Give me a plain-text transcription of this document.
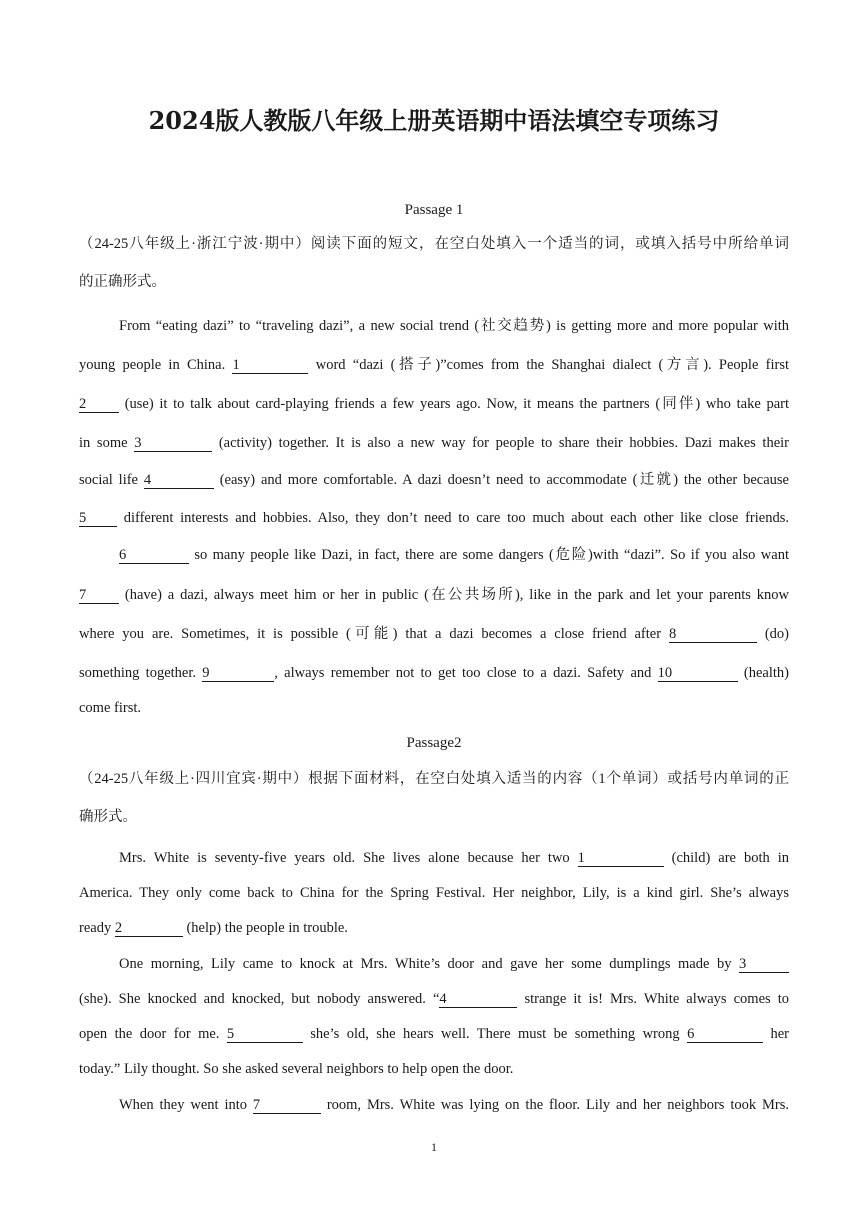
2024版人教版八年级上册英语期中语法填空专项练习
Passage 1
（24-25八年级上·浙江宁波·期中）阅读下面的短文，在空白处填入一个适当的词，或填入括号中所给单词
的正确形式。
From “eating dazi” to “traveling dazi”, a new social trend (社交趋势) is getting more and more popular with
young people in China. 1	word “dazi (搭子)”comes from the Shanghai dialect (方言). People first
2 (use) it to talk about card-playing friends a few years ago. Now, it means the partners (同伴) who take part
in some 3	(activity) together. It is also a new way for people to share their hobbies. Dazi makes their
social life 4	(easy) and more comfortable. A dazi doesn’t need to accommodate (迁就) the other because
5 different interests and hobbies. Also, they don’t need to care too much about each other like close friends.
6	so many people like Dazi, in fact, there are some dangers (危险)with “dazi”. So if you also want
7 (have) a dazi, always meet him or her in public (在公共场所), like in the park and let your parents know
where you are. Sometimes, it is possible (可能) that a dazi becomes a close friend after 8	(do)
something together. 9	, always remember not to get too close to a dazi. Safety and 10	(health)
come first.
Passage2
（24-25八年级上·四川宜宾·期中）根据下面材料，在空白处填入适当的内容（1个单词）或括号内单词的正
确形式。
Mrs. White is seventy-five years old. She lives alone because her two 1	(child) are both in
America. They only come back to China for the Spring Festival. Her neighbor, Lily, is a kind girl. She’s always
ready 2	(help) the people in trouble.
One morning, Lily came to knock at Mrs. White’s door and gave her some dumplings made by 3
(she). She knocked and knocked, but nobody answered. “4	strange it is! Mrs. White always comes to
open the door for me. 5	she’s old, she hears well. There must be something wrong 6	her
today.” Lily thought. So she asked several neighbors to help open the door.
When they went into 7	room, Mrs. White was lying on the floor. Lily and her neighbors took Mrs.
1
